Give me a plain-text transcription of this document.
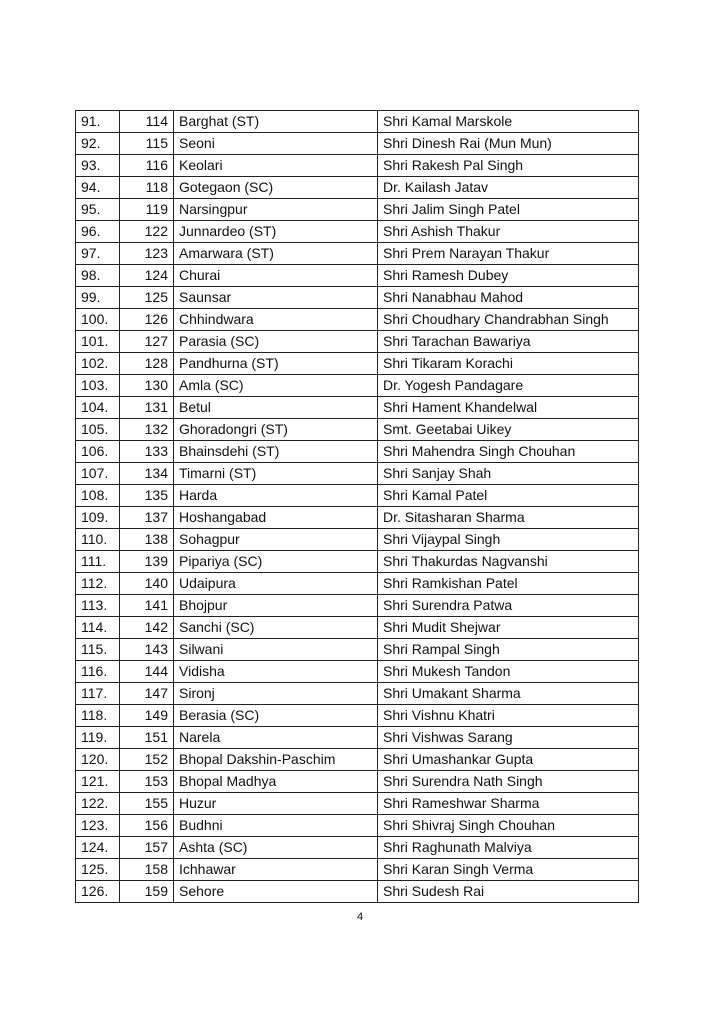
91.	114	Barghat (ST)	Shri Kamal Marskole
92.	115	Seoni	Shri Dinesh Rai (Mun Mun)
93.	116	Keolari	Shri Rakesh Pal Singh
94.	118	Gotegaon (SC)	Dr. Kailash Jatav
95.	119	Narsingpur	Shri Jalim Singh Patel
96.	122	Junnardeo (ST)	Shri Ashish Thakur
97.	123	Amarwara (ST)	Shri Prem Narayan Thakur
98.	124	Churai	Shri Ramesh Dubey
99.	125	Saunsar	Shri Nanabhau Mahod
100.	126	Chhindwara	Shri Choudhary Chandrabhan Singh
101.	127	Parasia (SC)	Shri Tarachan Bawariya
102.	128	Pandhurna (ST)	Shri Tikaram Korachi
103.	130	Amla (SC)	Dr. Yogesh Pandagare
104.	131	Betul	Shri Hament Khandelwal
105.	132	Ghoradongri (ST)	Smt. Geetabai Uikey
106.	133	Bhainsdehi (ST)	Shri Mahendra Singh Chouhan
107.	134	Timarni (ST)	Shri Sanjay Shah
108.	135	Harda	Shri Kamal Patel
109.	137	Hoshangabad	Dr. Sitasharan Sharma
110.	138	Sohagpur	Shri Vijaypal Singh
111.	139	Pipariya (SC)	Shri Thakurdas Nagvanshi
112.	140	Udaipura	Shri Ramkishan Patel
113.	141	Bhojpur	Shri Surendra Patwa
114.	142	Sanchi (SC)	Shri Mudit Shejwar
115.	143	Silwani	Shri Rampal Singh
116.	144	Vidisha	Shri Mukesh Tandon
117.	147	Sironj	Shri Umakant Sharma
118.	149	Berasia (SC)	Shri Vishnu Khatri
119.	151	Narela	Shri Vishwas Sarang
120.	152	Bhopal Dakshin-Paschim	Shri Umashankar Gupta
121.	153	Bhopal Madhya	Shri Surendra Nath Singh
122.	155	Huzur	Shri Rameshwar Sharma
123.	156	Budhni	Shri Shivraj Singh Chouhan
124.	157	Ashta (SC)	Shri Raghunath Malviya
125.	158	Ichhawar	Shri Karan Singh Verma
126.	159	Sehore	Shri Sudesh Rai
4
